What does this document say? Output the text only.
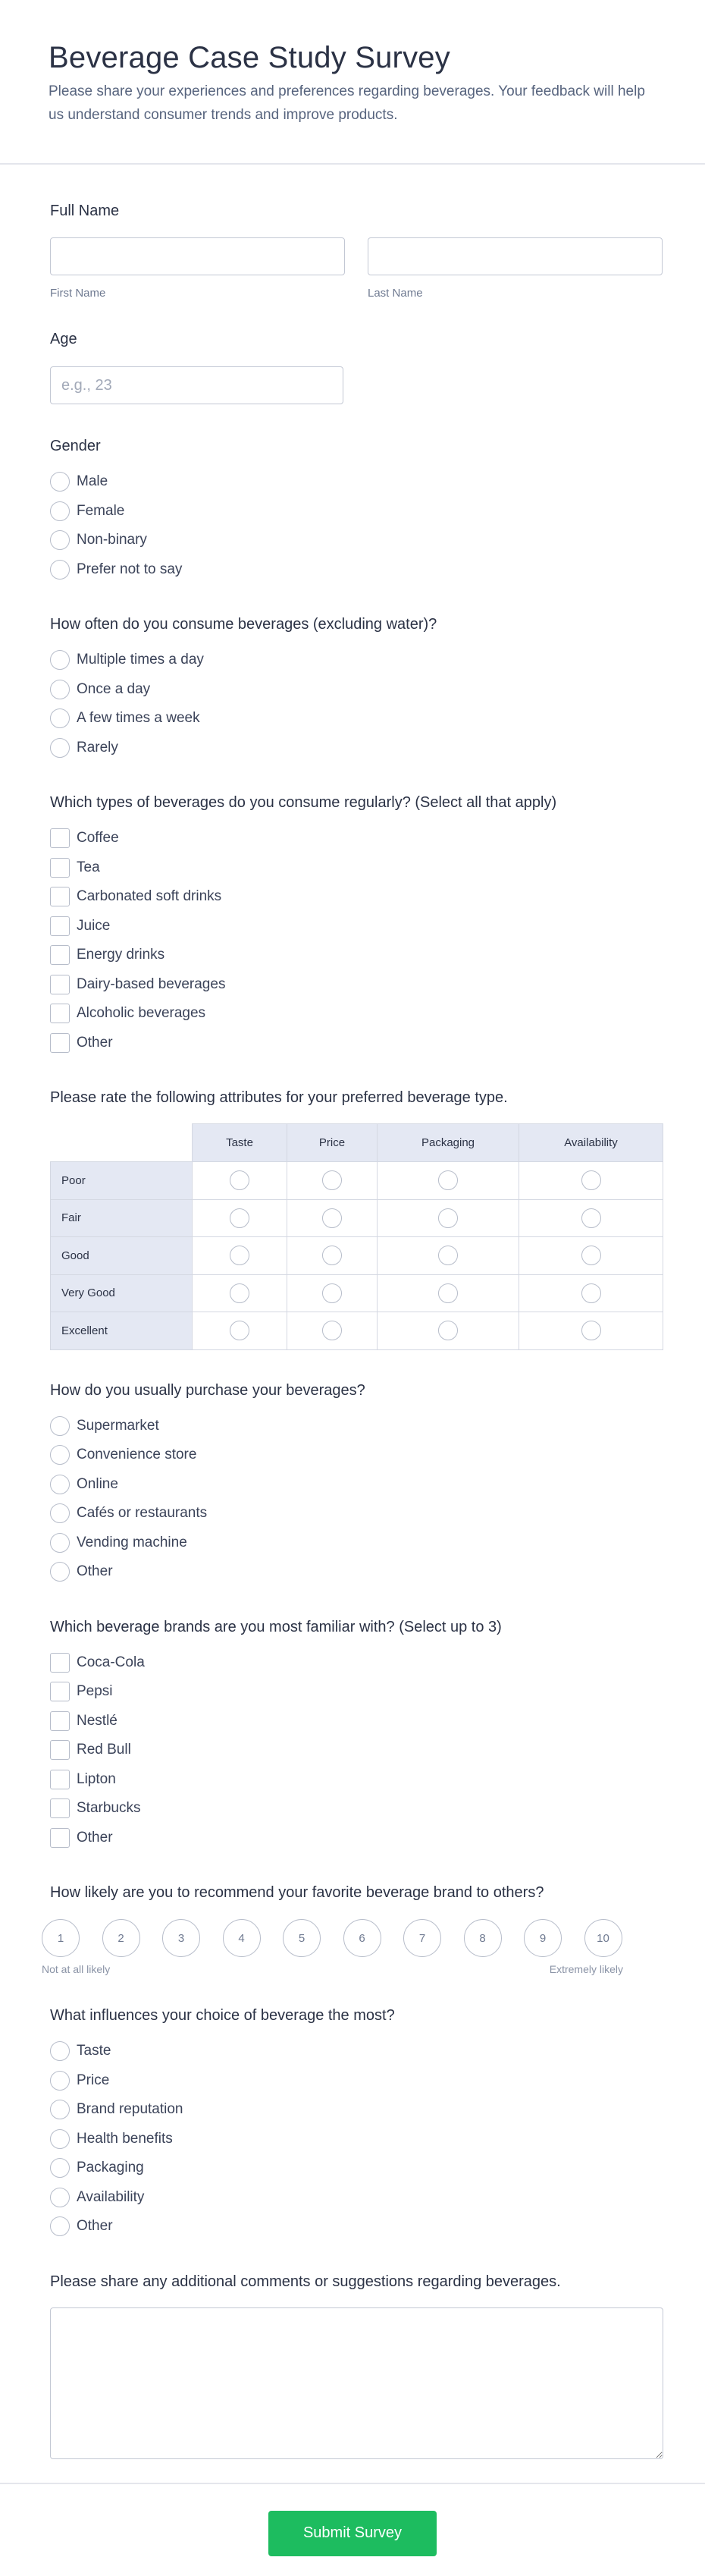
Beverage Case Study Survey

Please share your experiences and preferences regarding beverages. Your feedback will help us understand consumer trends and improve products.

Full Name
First Name	Last Name
Age
e.g., 23
Gender
Male
Female
Non-binary
Prefer not to say
How often do you consume beverages (excluding water)?
Multiple times a day
Once a day
A few times a week
Rarely
Which types of beverages do you consume regularly? (Select all that apply)
Coffee
Tea
Carbonated soft drinks
Juice
Energy drinks
Dairy-based beverages
Alcoholic beverages
Other
Please rate the following attributes for your preferred beverage type.
	Taste	Price	Packaging	Availability
Poor				
Fair				
Good				
Very Good				
Excellent				
How do you usually purchase your beverages?
Supermarket
Convenience store
Online
Cafés or restaurants
Vending machine
Other
Which beverage brands are you most familiar with? (Select up to 3)
Coca-Cola
Pepsi
Nestlé
Red Bull
Lipton
Starbucks
Other
How likely are you to recommend your favorite beverage brand to others?
1	2	3	4	5	6	7	8	9	10
Not at all likely	Extremely likely
What influences your choice of beverage the most?
Taste
Price
Brand reputation
Health benefits
Packaging
Availability
Other
Please share any additional comments or suggestions regarding beverages.
Submit Survey
